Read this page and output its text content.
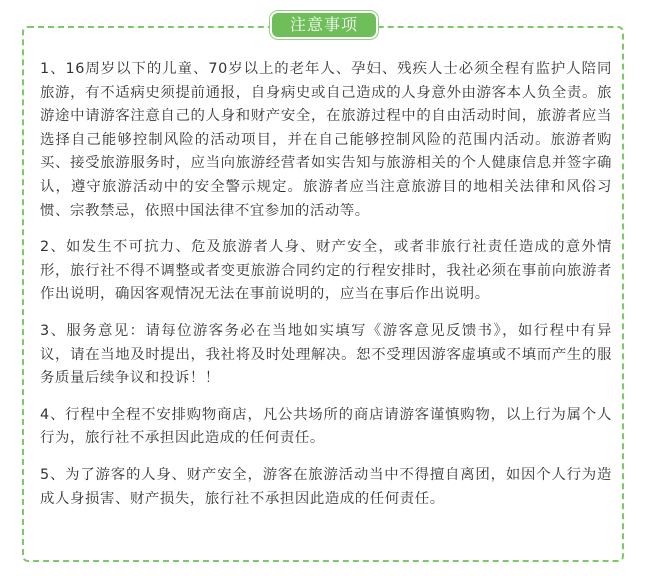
注意事项

1、16周岁以下的儿童、70岁以上的老年人、孕妇、残疾人士必须全程有监护人陪同旅游，有不适病史须提前通报，自身病史或自己造成的人身意外由游客本人负全责。旅游途中请游客注意自己的人身和财产安全，在旅游过程中的自由活动时间，旅游者应当选择自己能够控制风险的活动项目，并在自己能够控制风险的范围内活动。旅游者购买、接受旅游服务时，应当向旅游经营者如实告知与旅游相关的个人健康信息并签字确认，遵守旅游活动中的安全警示规定。旅游者应当注意旅游目的地相关法律和风俗习惯、宗教禁忌，依照中国法律不宜参加的活动等。

2、如发生不可抗力、危及旅游者人身、财产安全，或者非旅行社责任造成的意外情形，旅行社不得不调整或者变更旅游合同约定的行程安排时，我社必须在事前向旅游者作出说明，确因客观情况无法在事前说明的，应当在事后作出说明。

3、服务意见：请每位游客务必在当地如实填写《游客意见反馈书》，如行程中有异议，请在当地及时提出，我社将及时处理解决。恕不受理因游客虚填或不填而产生的服务质量后续争议和投诉！！

4、行程中全程不安排购物商店，凡公共场所的商店请游客谨慎购物，以上行为属个人行为，旅行社不承担因此造成的任何责任。

5、为了游客的人身、财产安全，游客在旅游活动当中不得擅自离团，如因个人行为造成人身损害、财产损失，旅行社不承担因此造成的任何责任。
